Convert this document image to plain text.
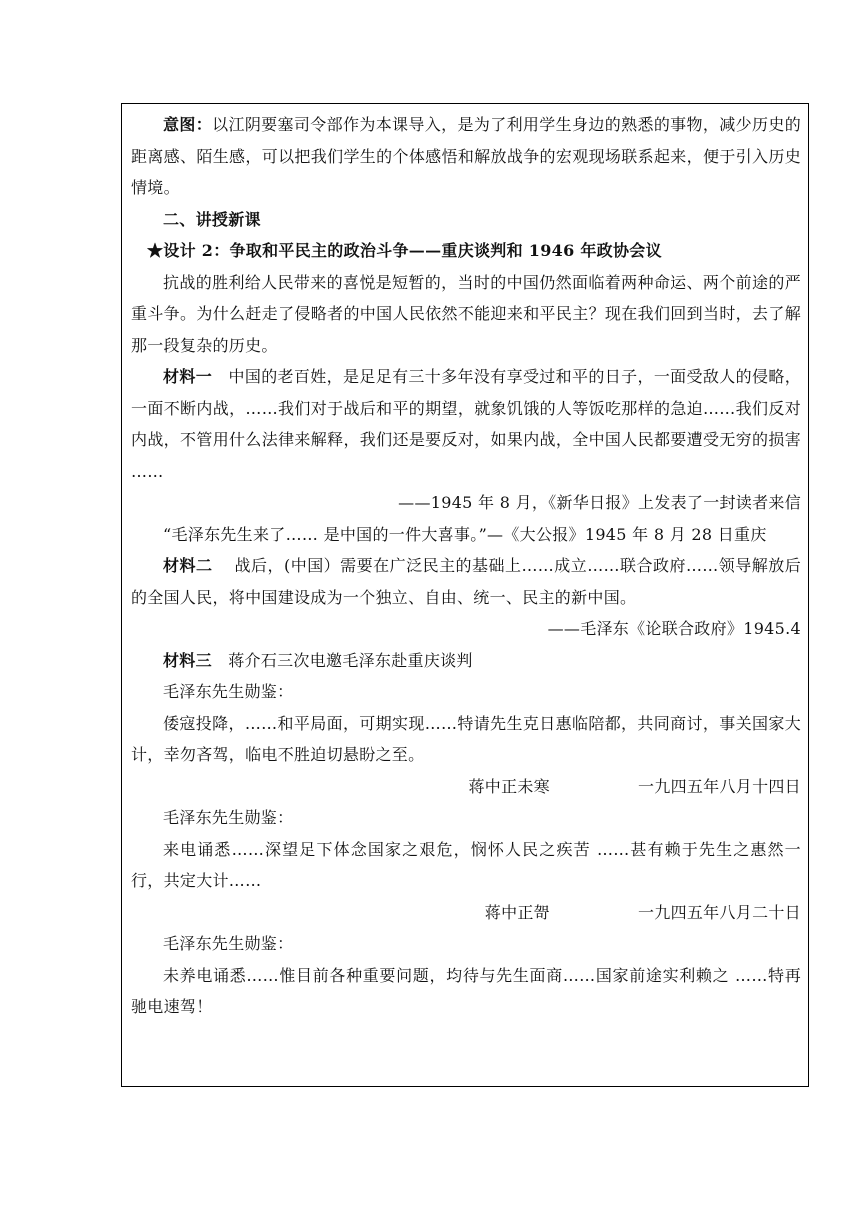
意图：以江阴要塞司令部作为本课导入，是为了利用学生身边的熟悉的事物，减少历史的距离感、陌生感，可以把我们学生的个体感悟和解放战争的宏观现场联系起来，便于引入历史情境。

二、讲授新课

★设计 2：争取和平民主的政治斗争——重庆谈判和 1946 年政协会议

抗战的胜利给人民带来的喜悦是短暂的，当时的中国仍然面临着两种命运、两个前途的严重斗争。为什么赶走了侵略者的中国人民依然不能迎来和平民主？现在我们回到当时，去了解那一段复杂的历史。

材料一　 中国的老百姓，是足足有三十多年没有享受过和平的日子，一面受敌人的侵略，一面不断内战，……我们对于战后和平的期望，就象饥饿的人等饭吃那样的急迫……我们反对内战，不管用什么法律来解释，我们还是要反对，如果内战，全中国人民都要遭受无穷的损害 ……

——1945 年 8 月，《新华日报》上发表了一封读者来信

“毛泽东先生来了…… 是中国的一件大喜事。”—《大公报》1945 年 8 月 28 日重庆

材料二　 战后，(中国）需要在广泛民主的基础上……成立……联合政府……领导解放后的全国人民，将中国建设成为一个独立、自由、统一、民主的新中国。

——毛泽东《论联合政府》1945.4

材料三　 蒋介石三次电邀毛泽东赴重庆谈判

毛泽东先生勋鉴：

倭寇投降，……和平局面，可期实现……特请先生克日惠临陪都，共同商讨，事关国家大计，幸勿吝驾，临电不胜迫切悬盼之至。

蒋中正未寒	一九四五年八月十四日

毛泽东先生勋鉴：

来电诵悉……深望足下体念国家之艰危，悯怀人民之疾苦 ……甚有赖于先生之惠然一行，共定大计……

蒋中正哿	一九四五年八月二十日

毛泽东先生勋鉴：

未养电诵悉……惟目前各种重要问题，均待与先生面商……国家前途实利赖之 ……特再驰电速驾！
